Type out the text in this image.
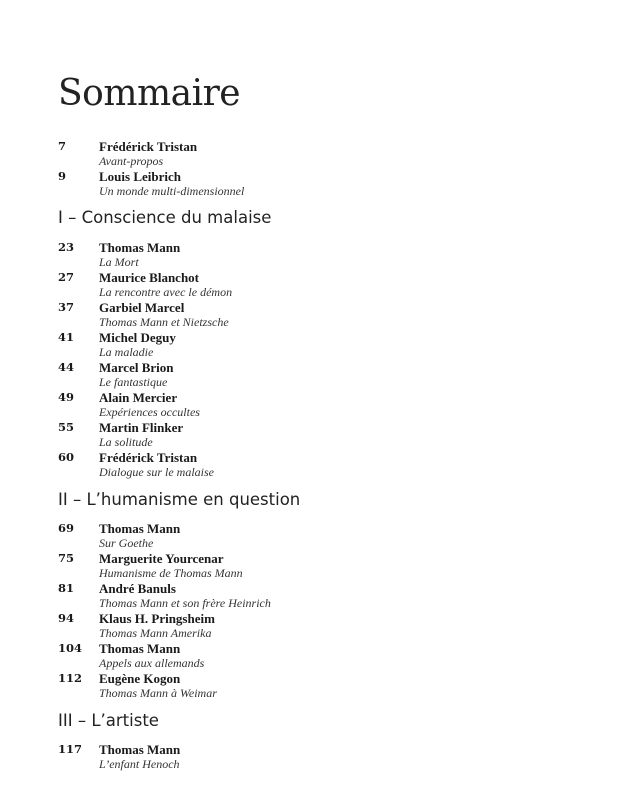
Sommaire
7	Frédérick Tristan
Avant-propos
9	Louis Leibrich
Un monde multi-dimensionnel
I – Conscience du malaise
23	Thomas Mann
La Mort
27	Maurice Blanchot
La rencontre avec le démon
37	Garbiel Marcel
Thomas Mann et Nietzsche
41	Michel Deguy
La maladie
44	Marcel Brion
Le fantastique
49	Alain Mercier
Expériences occultes
55	Martin Flinker
La solitude
60	Frédérick Tristan
Dialogue sur le malaise
II – L’humanisme en question
69	Thomas Mann
Sur Goethe
75	Marguerite Yourcenar
Humanisme de Thomas Mann
81	André Banuls
Thomas Mann et son frère Heinrich
94	Klaus H. Pringsheim
Thomas Mann Amerika
104	Thomas Mann
Appels aux allemands
112	Eugène Kogon
Thomas Mann à Weimar
III – L’artiste
117	Thomas Mann
L’enfant Henoch
